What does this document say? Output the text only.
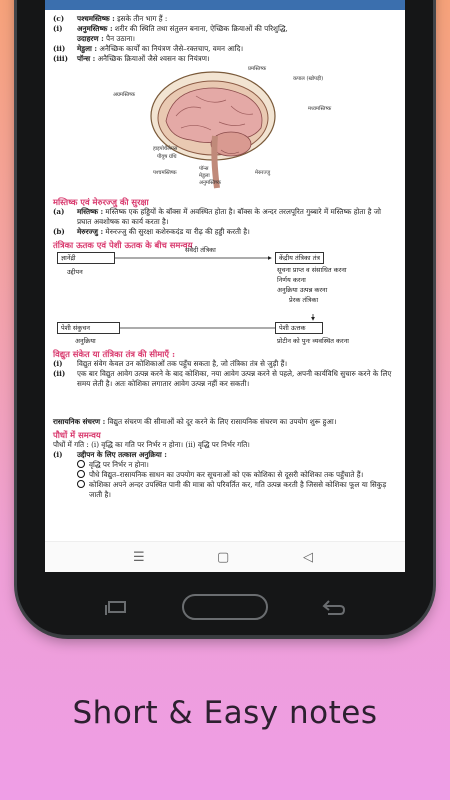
(c)	पश्चमस्तिष्क : इसके तीन भाग हैं :
(i)	अनुमस्तिष्क : शरीर की स्थिति तथा संतुलन बनाना, ऐच्छिक क्रियाओं की परिशुद्धि,
उदाहरण : पैन उठाना।
(ii)	मेडुला : अनैच्छिक कार्यों का नियंत्रण जैसे–रक्तचाप, वमन आदि।
(iii)	पॉन्स : अनैच्छिक क्रियाओं जैसे श्वसन का नियंत्रण।
प्रमस्तिष्क
कपाल (खोपड़ी)
मध्यमस्तिष्क
अग्रमस्तिष्क
हाइपोथैलेमस
पीयूष ग्रंथि
पश्चमस्तिष्क
पॉन्स
मेडुला
अनुमस्तिष्क
मेरुरज्जु
मस्तिष्क एवं मेरुरज्जु की सुरक्षा
(a)	मस्तिष्क : मस्तिष्क एक हड्डियों के बॉक्स में अवस्थित होता है। बॉक्स के अन्दर तरलपूरित गुब्बारे में मस्तिष्क होता है जो प्रघात अवशोषक का कार्य करता है।
(b)	मेरुरज्जु : मेरुरज्जु की सुरक्षा कशेरुकदंड या रीढ़ की हड्डी करती है।
तंत्रिका ऊतक एवं पेशी ऊतक के बीच समन्वय
ज्ञानेंद्री
संवेदी तंत्रिका
केंद्रीय तंत्रिका तंत्र
उद्दीपन	सूचना प्राप्त व संसाधित करना
निर्णय करना
अनुक्रिया उत्पन्न करना
प्रेरक तंत्रिका
पेशी संकुचन	पेशी ऊत्तक
अनुक्रिया	प्रोटीन को पुनः व्यवस्थित करना
विद्युत संकेत या तंत्रिका तंत्र की सीमाएँ :
(i)	विद्युत संवेग केवल उन कोशिकाओं तक पहुँच सकता है, जो तंत्रिका तंत्र से जुड़ी हैं।
(ii)	एक बार विद्युत आवेग उत्पन्न करने के बाद कोशिका, नया आवेग उत्पन्न करने से पहले, अपनी कार्यविधि सुचारु करने के लिए समय लेती है। अतः कोशिका लगातार आवेग उत्पन्न नहीं कर सकती।
रासायनिक संचरण : विद्युत संचरण की सीमाओं को दूर करने के लिए रासायनिक संचरण का उपयोग शुरू हुआ।
पौधों में समन्वय
पौधों में गति : (i) वृद्धि का गति पर निर्भर न होना। (ii) वृद्धि पर निर्भर गति।
(i)	उद्दीपन के लिए तत्काल अनुक्रिया :
वृद्धि पर निर्भर न होना।
पौधे विद्युत–रासायनिक साधन का उपयोग कर सूचनाओं को एक कोशिका से दूसरी कोशिका तक पहुँचाते हैं।
कोशिका अपने अन्दर उपस्थित पानी की मात्रा को परिवर्तित कर, गति उत्पन्न करती है जिससे कोशिका फूल या सिकुड़ जाती है।
☰	▢	◁
Short & Easy notes
